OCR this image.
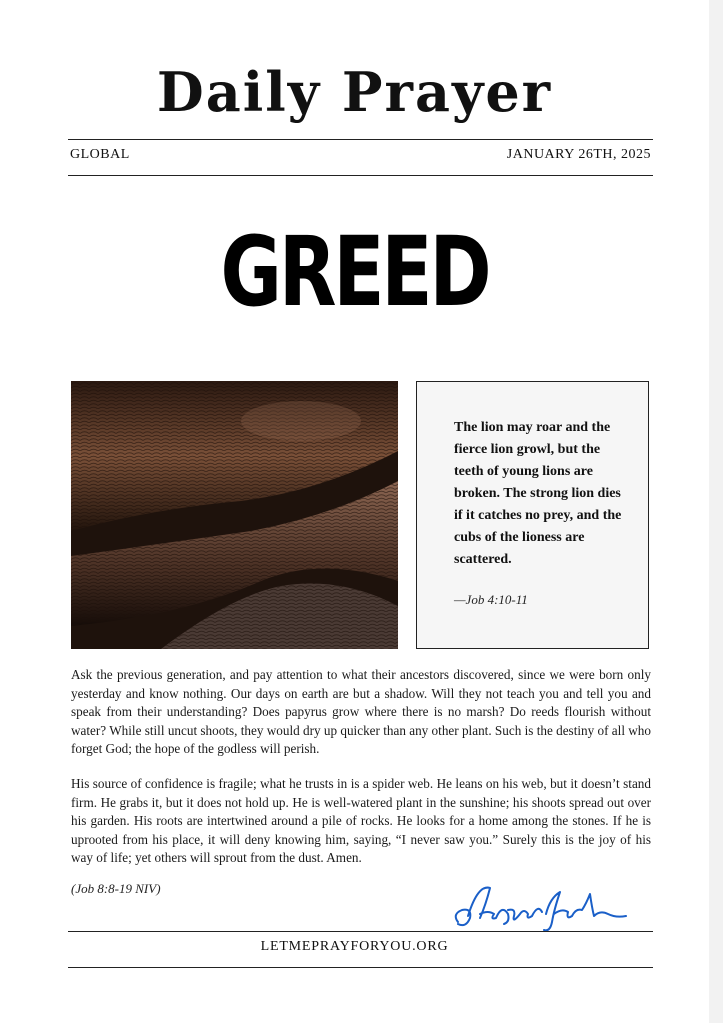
Daily Prayer
GLOBAL	JANUARY 26TH, 2025
GREED
The lion may roar and the fierce lion growl, but the teeth of young lions are broken. The strong lion dies if it catches no prey, and the cubs of the lioness are scattered.
—Job 4:10-11
Ask the previous generation, and pay attention to what their ancestors discovered, since we were born only yesterday and know nothing. Our days on earth are but a shadow. Will they not teach you and tell you and speak from their understanding? Does papyrus grow where there is no marsh? Do reeds flourish without water? While still uncut shoots, they would dry up quicker than any other plant. Such is the destiny of all who forget God; the hope of the godless will perish.
His source of confidence is fragile; what he trusts in is a spider web. He leans on his web, but it doesn’t stand firm. He grabs it, but it does not hold up. He is well-watered plant in the sunshine; his shoots spread out over his garden. His roots are intertwined around a pile of rocks. He looks for a home among the stones. If he is uprooted from his place, it will deny knowing him, saying, “I never saw you.” Surely this is the joy of his way of life; yet others will sprout from the dust. Amen.
(Job 8:8-19 NIV)
LETMEPRAYFORYOU.ORG
